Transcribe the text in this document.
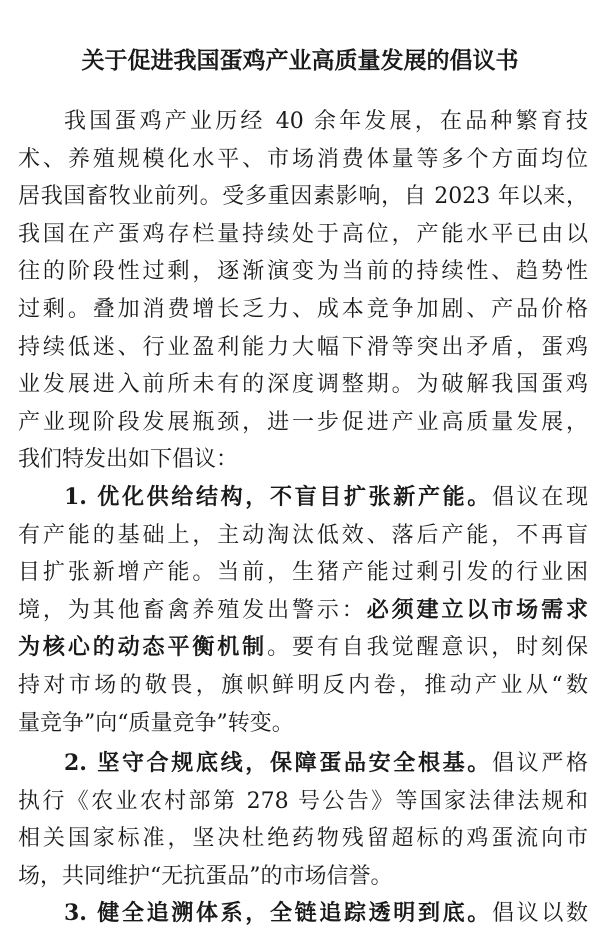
关于促进我国蛋鸡产业高质量发展的倡议书
我国蛋鸡产业历经 40 余年发展，在品种繁育技
术、养殖规模化水平、市场消费体量等多个方面均位
居我国畜牧业前列。受多重因素影响，自 2023 年以来，
我国在产蛋鸡存栏量持续处于高位，产能水平已由以
往的阶段性过剩，逐渐演变为当前的持续性、趋势性
过剩。叠加消费增长乏力、成本竞争加剧、产品价格
持续低迷、行业盈利能力大幅下滑等突出矛盾，蛋鸡
业发展进入前所未有的深度调整期。为破解我国蛋鸡
产业现阶段发展瓶颈，进一步促进产业高质量发展，
我们特发出如下倡议：
1. 优化供给结构，不盲目扩张新产能。倡议在现
有产能的基础上，主动淘汰低效、落后产能，不再盲
目扩张新增产能。当前，生猪产能过剩引发的行业困
境，为其他畜禽养殖发出警示：必须建立以市场需求
为核心的动态平衡机制。要有自我觉醒意识，时刻保
持对市场的敬畏，旗帜鲜明反内卷，推动产业从“数
量竞争”向“质量竞争”转变。
2. 坚守合规底线，保障蛋品安全根基。倡议严格
执行《农业农村部第 278 号公告》等国家法律法规和
相关国家标准，坚决杜绝药物残留超标的鸡蛋流向市
场，共同维护“无抗蛋品”的市场信誉。
3. 健全追溯体系，全链追踪透明到底。倡议以数
